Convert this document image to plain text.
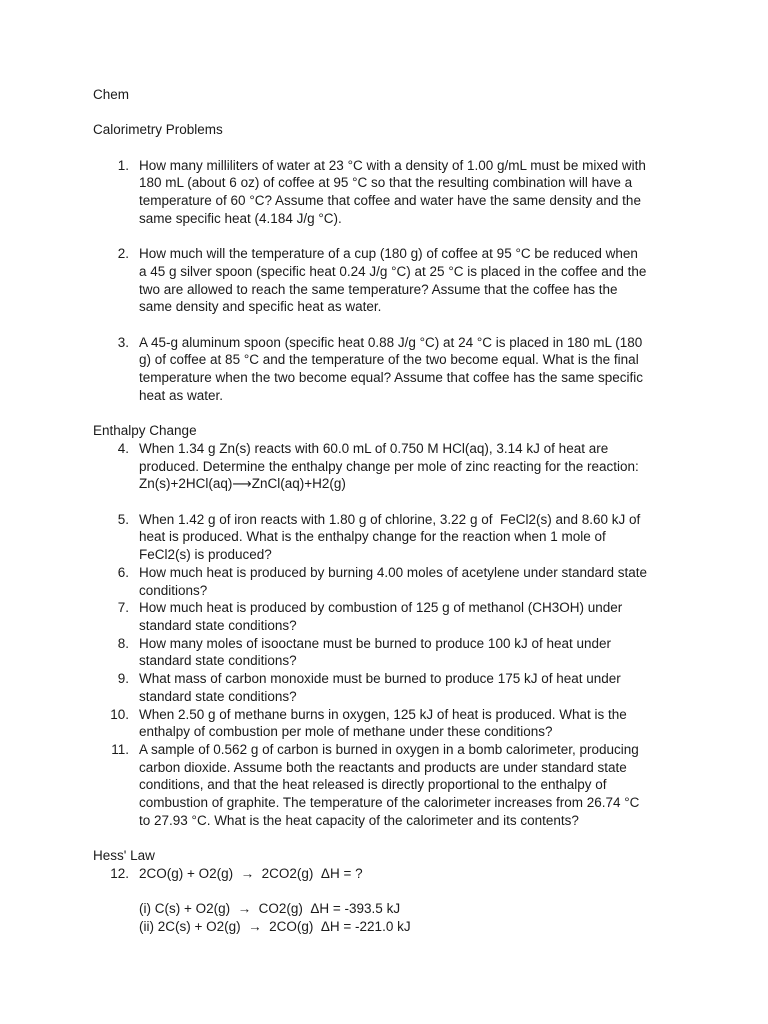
Chem
Calorimetry Problems
1. How many milliliters of water at 23 °C with a density of 1.00 g/mL must be mixed with
180 mL (about 6 oz) of coffee at 95 °C so that the resulting combination will have a
temperature of 60 °C? Assume that coffee and water have the same density and the
same specific heat (4.184 J/g °C).
2. How much will the temperature of a cup (180 g) of coffee at 95 °C be reduced when
a 45 g silver spoon (specific heat 0.24 J/g °C) at 25 °C is placed in the coffee and the
two are allowed to reach the same temperature? Assume that the coffee has the
same density and specific heat as water.
3. A 45-g aluminum spoon (specific heat 0.88 J/g °C) at 24 °C is placed in 180 mL (180
g) of coffee at 85 °C and the temperature of the two become equal. What is the final
temperature when the two become equal? Assume that coffee has the same specific
heat as water.
Enthalpy Change
4. When 1.34 g Zn(s) reacts with 60.0 mL of 0.750 M HCl(aq), 3.14 kJ of heat are
produced. Determine the enthalpy change per mole of zinc reacting for the reaction:
Zn(s)+2HCl(aq)⟶ZnCl(aq)+H2(g)
5. When 1.42 g of iron reacts with 1.80 g of chlorine, 3.22 g of  FeCl2(s) and 8.60 kJ of
heat is produced. What is the enthalpy change for the reaction when 1 mole of
FeCl2(s) is produced?
6. How much heat is produced by burning 4.00 moles of acetylene under standard state
conditions?
7. How much heat is produced by combustion of 125 g of methanol (CH3OH) under
standard state conditions?
8. How many moles of isooctane must be burned to produce 100 kJ of heat under
standard state conditions?
9. What mass of carbon monoxide must be burned to produce 175 kJ of heat under
standard state conditions?
10. When 2.50 g of methane burns in oxygen, 125 kJ of heat is produced. What is the
enthalpy of combustion per mole of methane under these conditions?
11. A sample of 0.562 g of carbon is burned in oxygen in a bomb calorimeter, producing
carbon dioxide. Assume both the reactants and products are under standard state
conditions, and that the heat released is directly proportional to the enthalpy of
combustion of graphite. The temperature of the calorimeter increases from 26.74 °C
to 27.93 °C. What is the heat capacity of the calorimeter and its contents?
Hess' Law
12. 2CO(g) + O2(g)  →  2CO2(g)  ΔH = ?
(i) C(s) + O2(g)  →  CO2(g)  ΔH = -393.5 kJ
(ii) 2C(s) + O2(g)  →  2CO(g)  ΔH = -221.0 kJ
